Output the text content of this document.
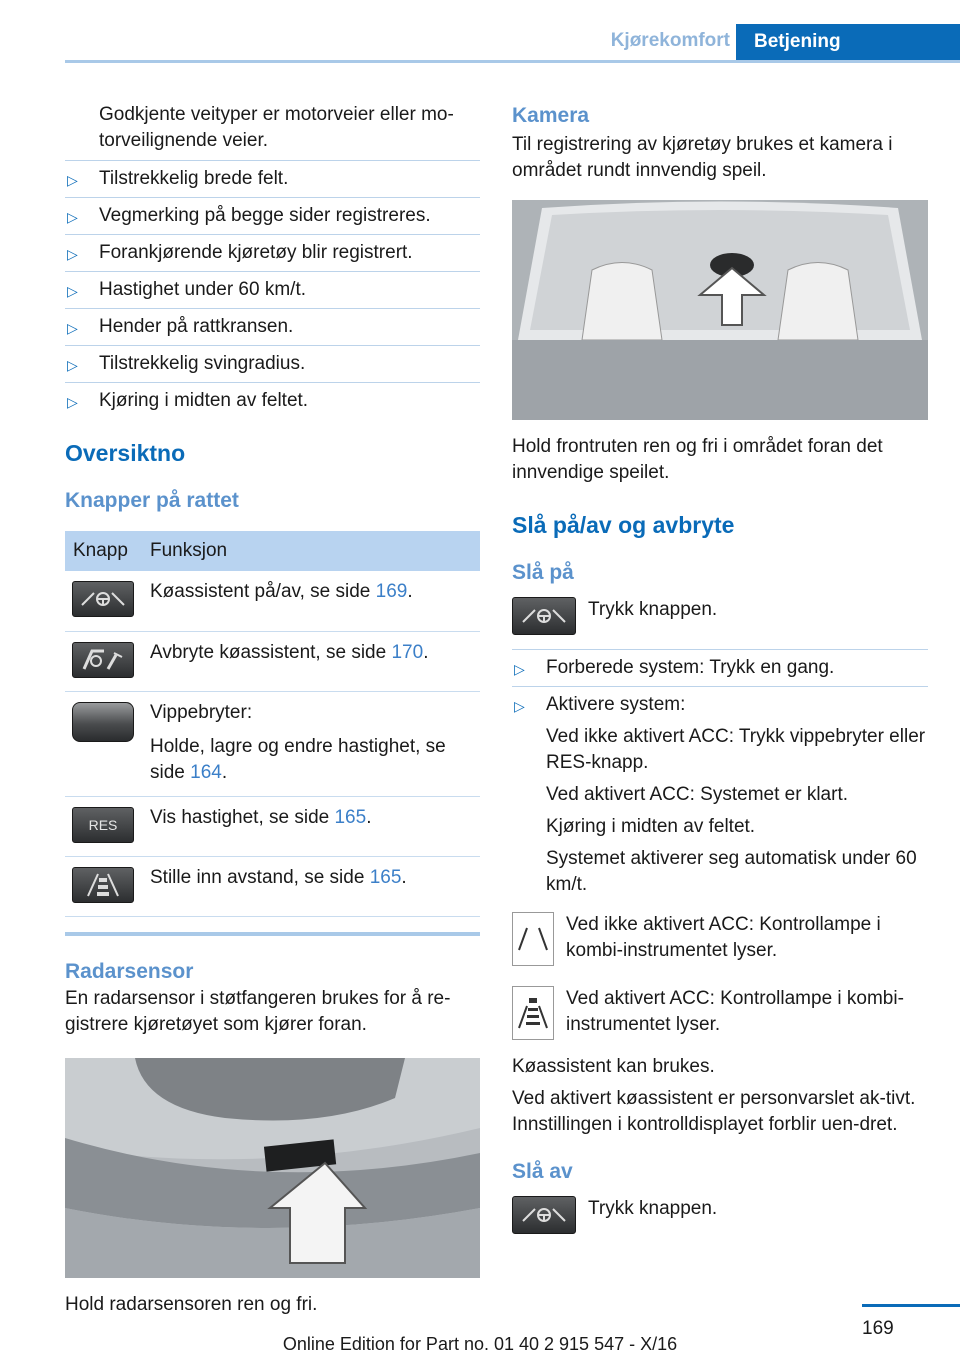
Kjørekomfort	Betjening

Godkjente veityper er motorveier eller mo-torveilignende veier.

▷ Tilstrekkelig brede felt.

▷ Vegmerking på begge sider registreres.

▷ Forankjørende kjøretøy blir registrert.

▷ Hastighet under 60 km/t.

▷ Hender på rattkransen.

▷ Tilstrekkelig svingradius.

▷ Kjøring i midten av feltet.

Oversiktno
Knapper på rattet
Knapp	Funksjon

	Køassistent på/av, se side 169.

	Avbryte køassistent, se side 170.

	Vippebryter:
Holde, lagre og endre hastighet, se side 164.

RES	Vis hastighet, se side 165.

	Stille inn avstand, se side 165.
Radarsensor

En radarsensor i støtfangeren brukes for å re-gistrere kjøretøyet som kjører foran.

Hold radarsensoren ren og fri.

Kamera

Til registrering av kjøretøy brukes et kamera i området rundt innvendig speil.

Hold frontruten ren og fri i området foran det innvendige speilet.

Slå på/av og avbryte
Slå på

Trykk knappen.

▷ Forberede system: Trykk en gang.

▷ Aktivere system:

Ved ikke aktivert ACC: Trykk vippebryter eller RES-knapp.

Ved aktivert ACC: Systemet er klart.

Kjøring i midten av feltet.

Systemet aktiverer seg automatisk under 60 km/t.

Ved ikke aktivert ACC: Kontrollampe i kombi-instrumentet lyser.

Ved aktivert ACC: Kontrollampe i kombi-instrumentet lyser.

Køassistent kan brukes.

Ved aktivert køassistent er personvarslet ak-tivt. Innstillingen i kontrolldisplayet forblir uen-dret.

Slå av

Trykk knappen.

169
Online Edition for Part no. 01 40 2 915 547 - X/16
